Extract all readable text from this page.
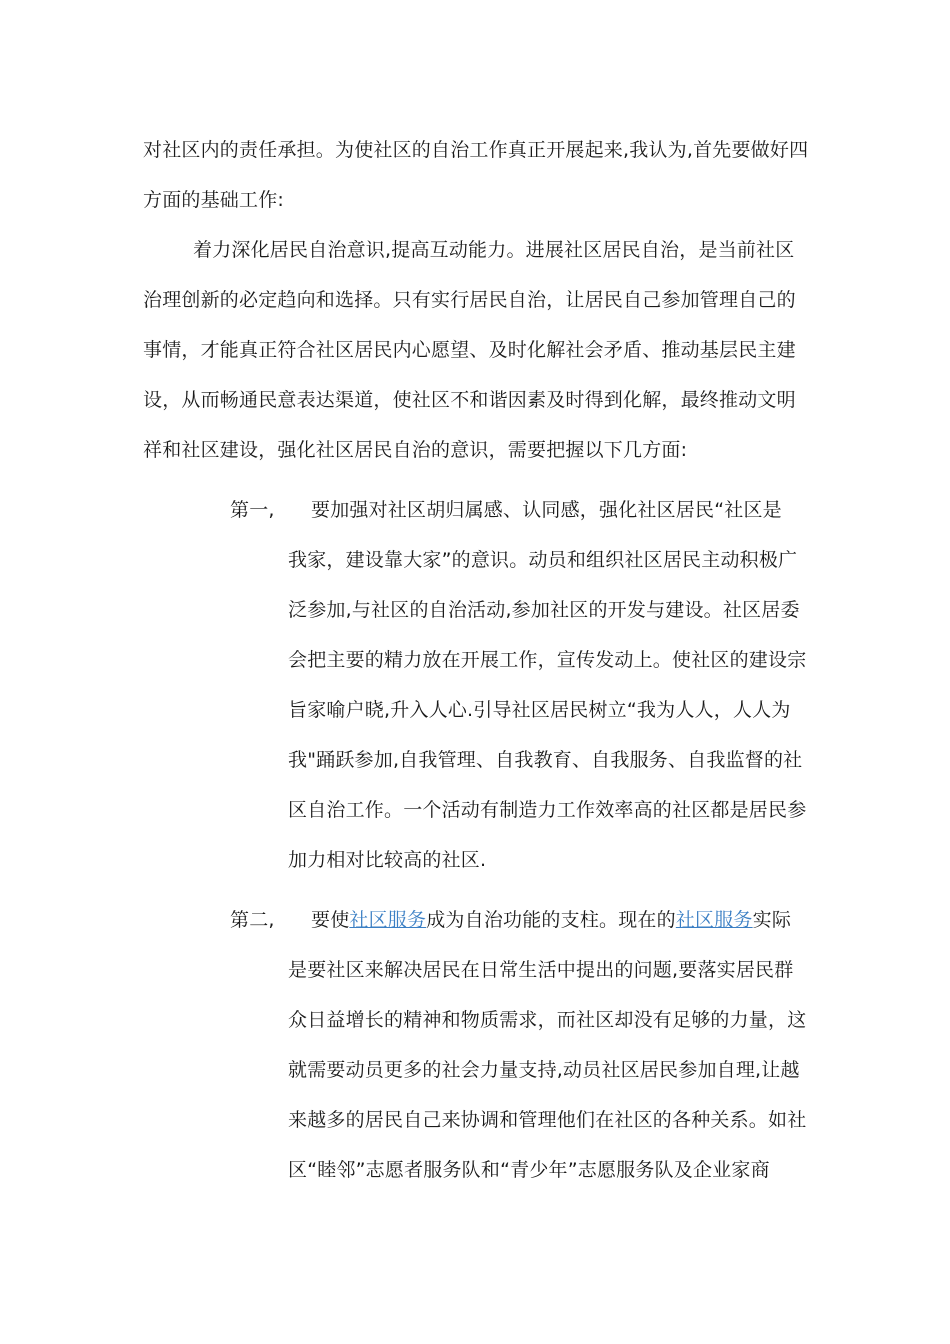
对社区内的责任承担。为使社区的自治工作真正开展起来,我认为,首先要做好四
方面的基础工作:
着力深化居民自治意识,提高互动能力。进展社区居民自治，是当前社区
治理创新的必定趋向和选择。只有实行居民自治，让居民自己参加管理自己的
事情，才能真正符合社区居民内心愿望、及时化解社会矛盾、推动基层民主建
设，从而畅通民意表达渠道，使社区不和谐因素及时得到化解，最终推动文明
祥和社区建设，强化社区居民自治的意识，需要把握以下几方面:
第一, 要加强对社区胡归属感、认同感，强化社区居民“社区是
我家，建设靠大家”的意识。动员和组织社区居民主动积极广
泛参加,与社区的自治活动,参加社区的开发与建设。社区居委
会把主要的精力放在开展工作，宣传发动上。使社区的建设宗
旨家喻户晓,升入人心.引导社区居民树立“我为人人，人人为
我"踊跃参加,自我管理、自我教育、自我服务、自我监督的社
区自治工作。一个活动有制造力工作效率高的社区都是居民参
加力相对比较高的社区.
第二, 要使社区服务成为自治功能的支柱。现在的社区服务实际
是要社区来解决居民在日常生活中提出的问题,要落实居民群
众日益增长的精神和物质需求，而社区却没有足够的力量，这
就需要动员更多的社会力量支持,动员社区居民参加自理,让越
来越多的居民自己来协调和管理他们在社区的各种关系。如社
区“睦邻”志愿者服务队和“青少年”志愿服务队及企业家商
